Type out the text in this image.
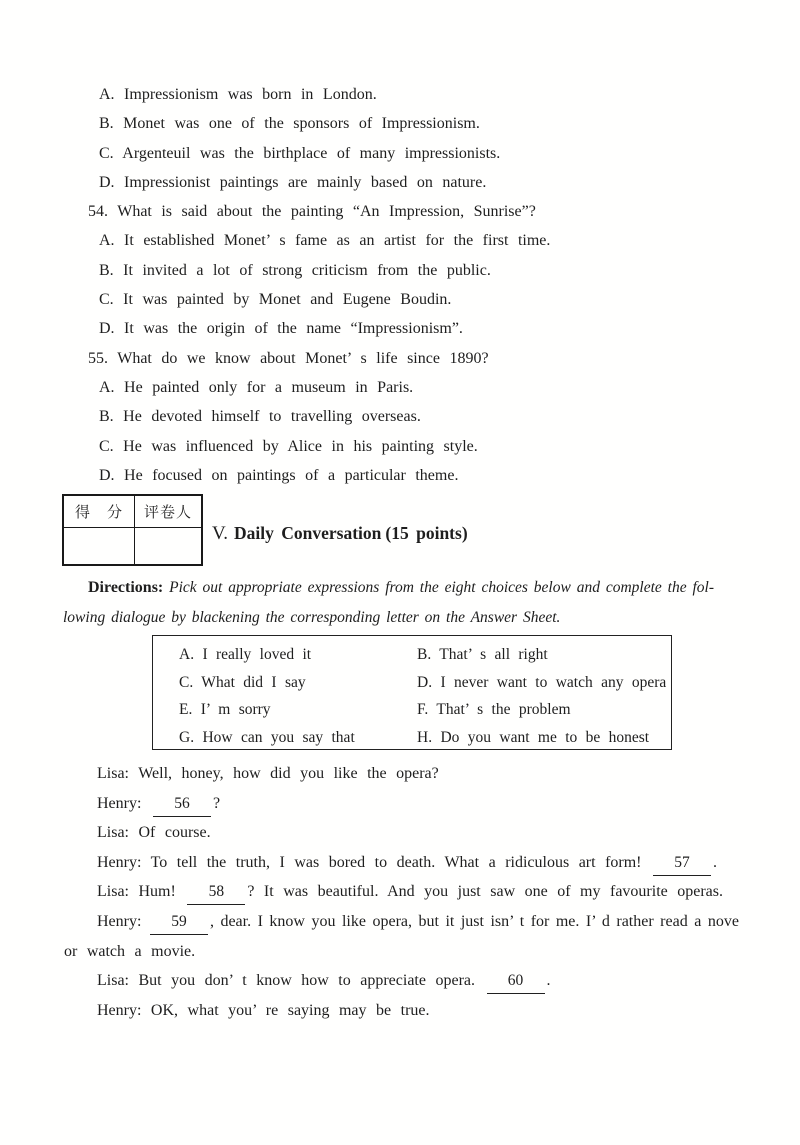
A. Impressionism was born in London.
B. Monet was one of the sponsors of Impressionism.
C. Argenteuil was the birthplace of many impressionists.
D. Impressionist paintings are mainly based on nature.
54. What is said about the painting “An Impression, Sunrise”?
A. It established Monet’ s fame as an artist for the first time.
B. It invited a lot of strong criticism from the public.
C. It was painted by Monet and Eugene Boudin.
D. It was the origin of the name “Impressionism”.
55. What do we know about Monet’ s life since 1890?
A. He painted only for a museum in Paris.
B. He devoted himself to travelling overseas.
C. He was influenced by Alice in his painting style.
D. He focused on paintings of a particular theme.
得　分 评卷人
V. Daily Conversation (15 points)
Directions: Pick out appropriate expressions from the eight choices below and complete the fol-
lowing dialogue by blackening the corresponding letter on the Answer Sheet.
A. I really loved it	B. That’ s all right
C. What did I say	D. I never want to watch any opera
E. I’ m sorry	F. That’ s the problem
G. How can you say that	H. Do you want me to be honest
Lisa: Well, honey, how did you like the opera?
Henry: 56 ?
Lisa: Of course.
Henry: To tell the truth, I was bored to death. What a ridiculous art form! 57 .
Lisa: Hum! 58 ? It was beautiful. And you just saw one of my favourite operas.
Henry: 59 , dear. I know you like opera, but it just isn’ t for me. I’ d rather read a nove
or watch a movie.
Lisa: But you don’ t know how to appreciate opera. 60 .
Henry: OK, what you’ re saying may be true.
